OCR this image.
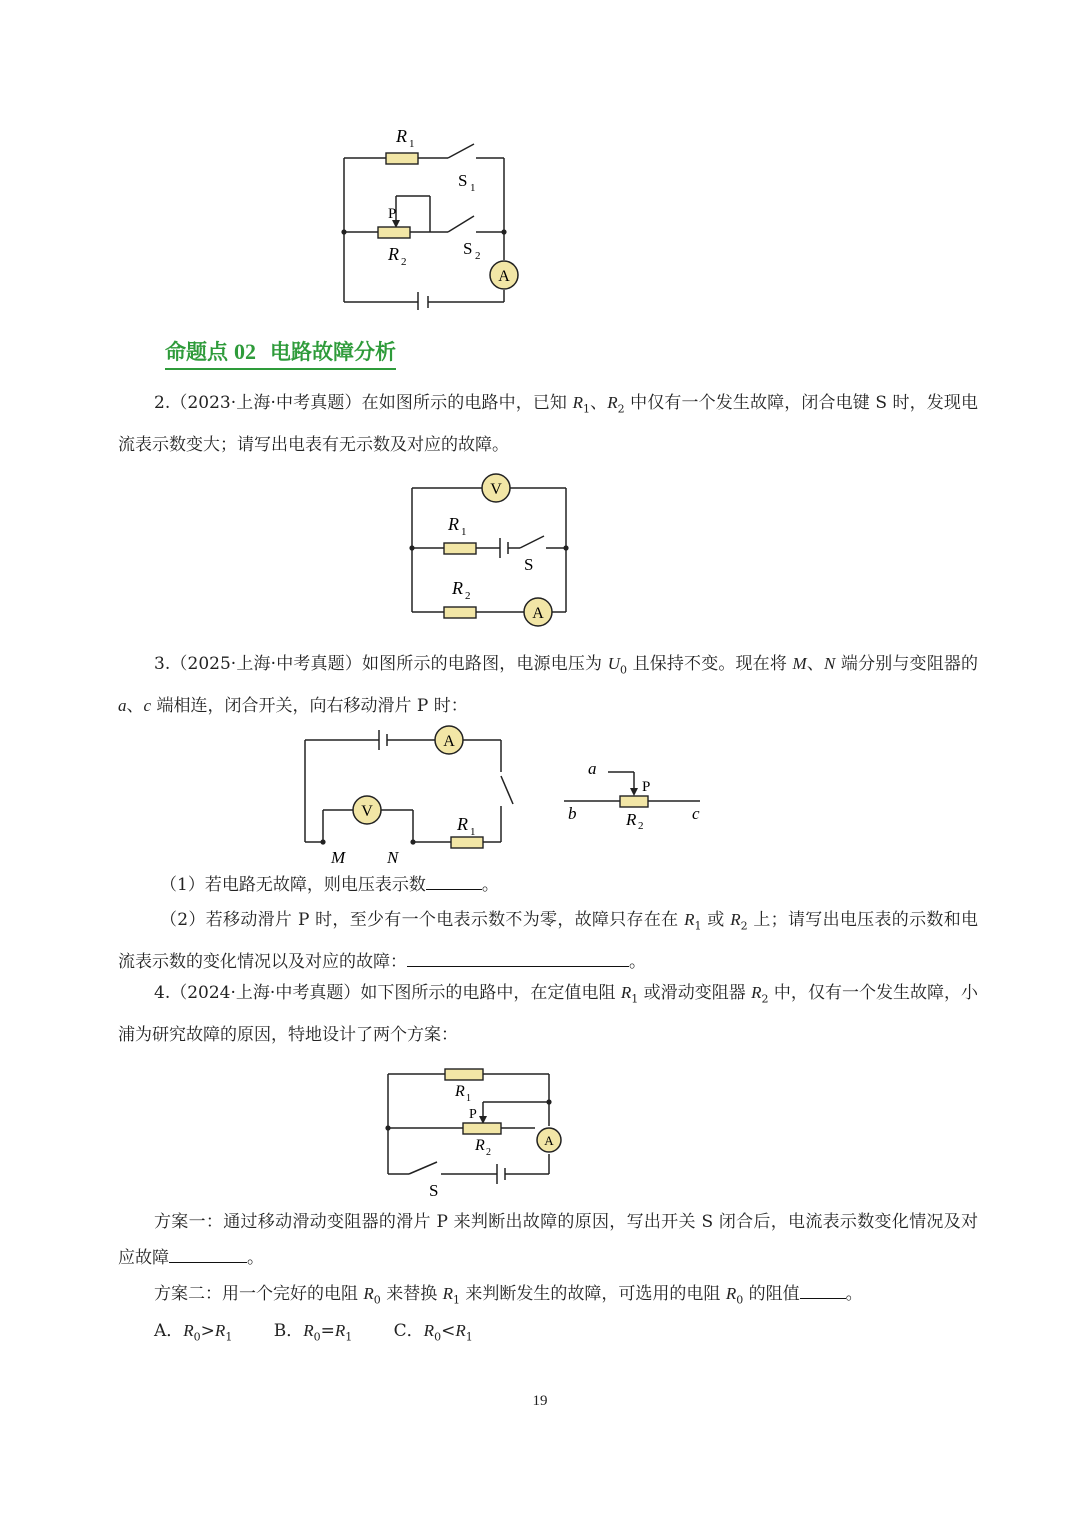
A
R 1
S 1
P
R 2
S 2
命题点 02 电路故障分析
2.（2023·上海·中考真题）在如图所示的电路中，已知 $R_1$、$R_2$ 中仅有一个发生故障，闭合电键 S 时，发现电流表示数变大；请写出电表有无示数及对应的故障。
V
A
R 1
S
R 2
3.（2025·上海·中考真题）如图所示的电路图，电源电压为 $U_0$ 且保持不变。现在将 M、N 端分别与变阻器的 a、c 端相连，闭合开关，向右移动滑片 P 时：
A
V
R 1
M N
a
P
b	c
R 2
（1）若电路无故障，则电压表示数	。
（2）若移动滑片 P 时，至少有一个电表示数不为零，故障只存在在 $R_1$ 或 $R_2$ 上；请写出电压表的示数和电流表示数的变化情况以及对应的故障：	。
4.（2024·上海·中考真题）如下图所示的电路中，在定值电阻 $R_1$ 或滑动变阻器 $R_2$ 中，仅有一个发生故障，小浦为研究故障的原因，特地设计了两个方案：
A
R 1
P
R 2
S
方案一：通过移动滑动变阻器的滑片 P 来判断出故障的原因，写出开关 S 闭合后，电流表示数变化情况及对应故障	。
方案二：用一个完好的电阻 $R_0$ 来替换 $R_1$ 来判断发生的故障，可选用的电阻 $R_0$ 的阻值	。
A．$R_0>R_1$ B．$R_0=R_1$ C．$R_0<R_1$
19
